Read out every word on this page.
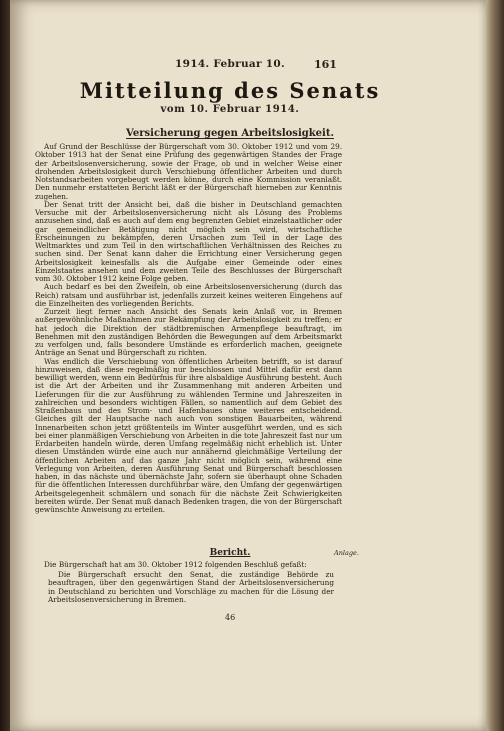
1914. Februar 10.	161
Mitteilung des Senats
vom 10. Februar 1914.
Versicherung gegen Arbeitslosigkeit.

Auf Grund der Beschlüsse der Bürgerschaft vom 30. Oktober 1912 und vom 29. Oktober 1913 hat der Senat eine Prüfung des gegenwärtigen Standes der Frage der Arbeitslosenversicherung, sowie der Frage, ob und in welcher Weise einer drohenden Arbeitslosigkeit durch Verschiebung öffentlicher Arbeiten und durch Notstandsarbeiten vorgebeugt werden könne, durch eine Kommission veranlaßt. Den nunmehr erstatteten Bericht läßt er der Bürgerschaft hierneben zur Kenntnis zugehen.

Der Senat tritt der Ansicht bei, daß die bisher in Deutschland gemachten Versuche mit der Arbeitslosenversicherung nicht als Lösung des Problems anzusehen sind, daß es auch auf dem eng begrenzten Gebiet einzelstaatlicher oder gar gemeindlicher Betätigung nicht möglich sein wird, wirtschaftliche Erscheinungen zu bekämpfen, deren Ursachen zum Teil in der Lage des Weltmarktes und zum Teil in den wirtschaftlichen Verhältnissen des Reiches zu suchen sind. Der Senat kann daher die Errichtung einer Versicherung gegen Arbeitslosigkeit keinesfalls als die Aufgabe einer Gemeinde oder eines Einzelstaates ansehen und dem zweiten Teile des Beschlusses der Bürgerschaft vom 30. Oktober 1912 keine Folge geben.

Auch bedarf es bei den Zweifeln, ob eine Arbeitslosenversicherung (durch das Reich) ratsam und ausführbar ist, jedenfalls zurzeit keines weiteren Eingehens auf die Einzelheiten des vorliegenden Berichts.

Zurzeit liegt ferner nach Ansicht des Senats kein Anlaß vor, in Bremen außergewöhnliche Maßnahmen zur Bekämpfung der Arbeitslosigkeit zu treffen; er hat jedoch die Direktion der städtbremischen Armenpflege beauftragt, im Benehmen mit den zuständigen Behörden die Bewegungen auf dem Arbeitsmarkt zu verfolgen und, falls besondere Umstände es erforderlich machen, geeignete Anträge an Senat und Bürgerschaft zu richten.

Was endlich die Verschiebung von öffentlichen Arbeiten betrifft, so ist darauf hinzuweisen, daß diese regelmäßig nur beschlossen und Mittel dafür erst dann bewilligt werden, wenn ein Bedürfnis für ihre alsbaldige Ausführung besteht. Auch ist die Art der Arbeiten und ihr Zusammenhang mit anderen Arbeiten und Lieferungen für die zur Ausführung zu wählenden Termine und Jahreszeiten in zahlreichen und besonders wichtigen Fällen, so namentlich auf dem Gebiet des Straßenbaus und des Strom- und Hafenbaues ohne weiteres entscheidend. Gleiches gilt der Hauptsache nach auch von sonstigen Bauarbeiten, während Innenarbeiten schon jetzt größtenteils im Winter ausgeführt werden, und es sich bei einer planmäßigen Verschiebung von Arbeiten in die tote Jahreszeit fast nur um Erdarbeiten handeln würde, deren Umfang regelmäßig nicht erheblich ist. Unter diesen Umständen würde eine auch nur annähernd gleichmäßige Verteilung der öffentlichen Arbeiten auf das ganze Jahr nicht möglich sein, während eine Verlegung von Arbeiten, deren Ausführung Senat und Bürgerschaft beschlossen haben, in das nächste und übernächste Jahr, sofern sie überhaupt ohne Schaden für die öffentlichen Interessen durchführbar wäre, den Umfang der gegenwärtigen Arbeitsgelegenheit schmälern und sonach für die nächste Zeit Schwierigkeiten bereiten würde. Der Senat muß danach Bedenken tragen, die von der Bürgerschaft gewünschte Anweisung zu erteilen.

Bericht.	Anlage.

Die Bürgerschaft hat am 30. Oktober 1912 folgenden Beschluß gefaßt:

Die Bürgerschaft ersucht den Senat, die zuständige Behörde zu beauftragen, über den gegenwärtigen Stand der Arbeitslosenversicherung in Deutschland zu berichten und Vorschläge zu machen für die Lösung der Arbeitslosenversicherung in Bremen.

46
